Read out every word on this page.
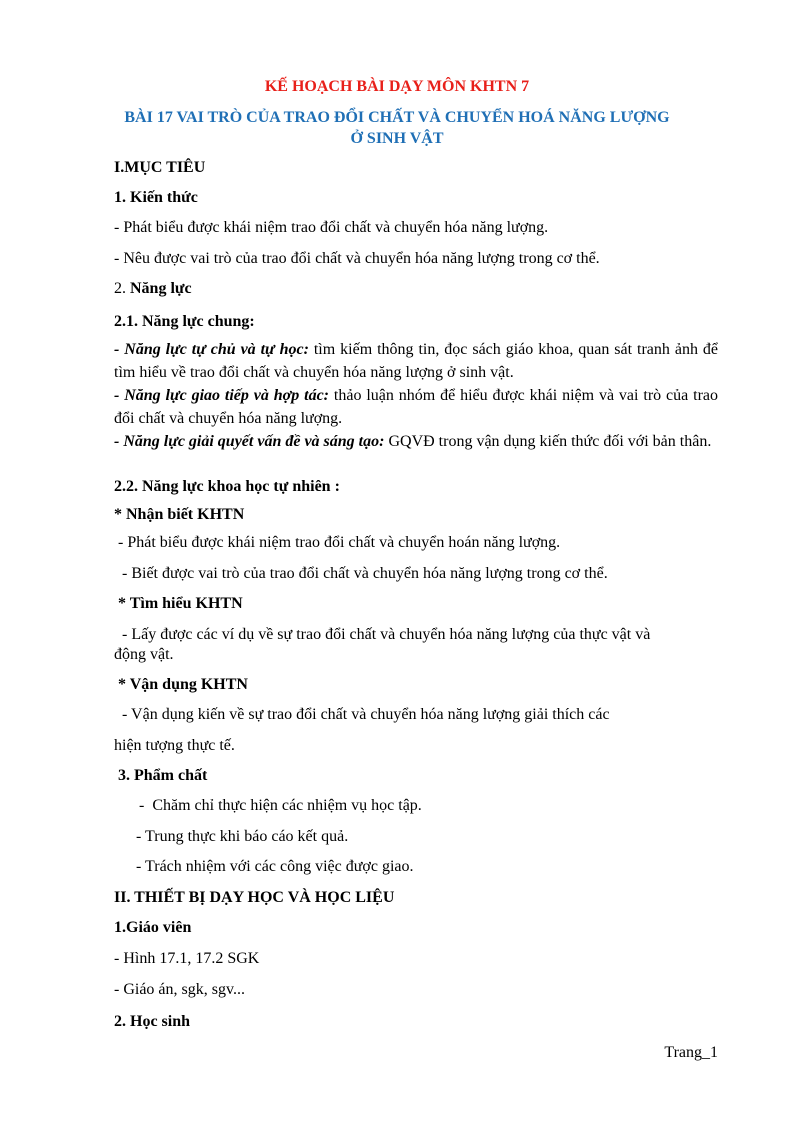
KẾ HOẠCH BÀI DẠY MÔN KHTN 7
BÀI 17 VAI TRÒ CỦA TRAO ĐỔI CHẤT VÀ CHUYỂN HOÁ NĂNG LƯỢNG
Ở SINH VẬT
I.MỤC TIÊU
1. Kiến thức
- Phát biểu được khái niệm trao đổi chất và chuyển hóa năng lượng.
- Nêu được vai trò của trao đổi chất và chuyển hóa năng lượng trong cơ thể.
2. Năng lực
2.1. Năng lực chung:
- Năng lực tự chủ và tự học: tìm kiếm thông tin, đọc sách giáo khoa, quan sát tranh ảnh để tìm hiểu về trao đổi chất và chuyển hóa năng lượng ở sinh vật.
- Năng lực giao tiếp và hợp tác: thảo luận nhóm để hiểu được khái niệm và vai trò của trao đổi chất và chuyển hóa năng lượng.
- Năng lực giải quyết vấn đề và sáng tạo: GQVĐ trong vận dụng kiến thức đối với bản thân.
2.2. Năng lực khoa học tự nhiên :
* Nhận biết KHTN
- Phát biểu được khái niệm trao đổi chất và chuyển hoán năng lượng.
- Biết được vai trò của trao đổi chất và chuyển hóa năng lượng trong cơ thể.
* Tìm hiểu KHTN
- Lấy được các ví dụ về sự trao đổi chất và chuyển hóa năng lượng của thực vật và
động vật.
* Vận dụng KHTN
- Vận dụng kiến về sự trao đổi chất và chuyển hóa năng lượng giải thích các
hiện tượng thực tế.
3. Phẩm chất
-  Chăm chỉ thực hiện các nhiệm vụ học tập.
- Trung thực khi báo cáo kết quả.
- Trách nhiệm với các công việc được giao.
II. THIẾT BỊ DẠY HỌC VÀ HỌC LIỆU
1.Giáo viên
- Hình 17.1, 17.2 SGK
- Giáo án, sgk, sgv...
2. Học sinh
Trang_1
